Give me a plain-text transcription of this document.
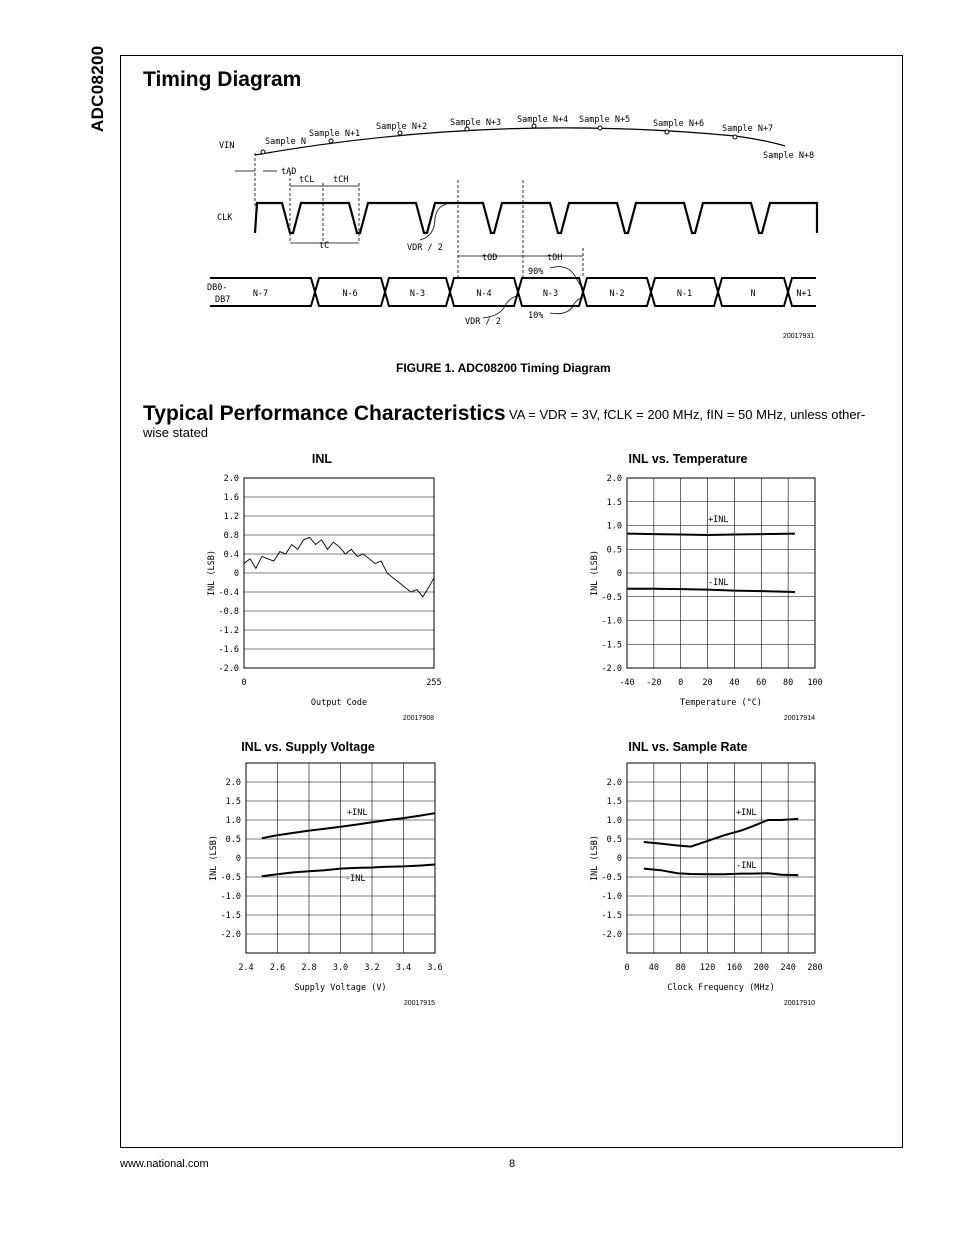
ADC08200 Timing Diagram
VIN	Sample N
Sample N+1
Sample N+2	Sample N+3 Sample N+4 Sample N+5	Sample N+6 Sample N+7
Sample N+8
tAD
tCL tCH
CLK
tC	VDR / 2
tOD	tOH
90%
DB0-
DB7
N-7	N-6	N-3	N-4	N-3	N-2	N-1	N	N+1
10%
VDR / 2
20017931
FIGURE 1. ADC08200 Timing Diagram
Typical Performance Characteristics VA = VDR = 3V, fCLK = 200 MHz, fIN = 50 MHz, unless other-
wise stated
INL
2.0
1.6
1.2
0.8
0.4
0
-0.4
-0.8
-1.2
-1.6
-2.0
0	255
Output Code
INL (LSB)
20017908
INL vs. Temperature
2.0
1.5
1.0
0.5
0
-0.5
-1.0
-1.5
-2.0
-40 -20 0 20 40 60 80 100
Temperature (°C)
INL (LSB)
+INL
-INL
20017914
INL vs. Supply Voltage
2.0
1.5
1.0
0.5
0
-0.5
-1.0
-1.5
-2.0
2.4 2.6 2.8 3.0 3.2 3.4 3.6
Supply Voltage (V)
INL (LSB)
+INL
-INL
20017915
INL vs. Sample Rate
2.0
1.5
1.0
0.5
0
-0.5
-1.0
-1.5
-2.0
0 40 80 120 160 200 240 280
Clock Frequency (MHz)
INL (LSB)
+INL
-INL
20017910
www.national.com	8
